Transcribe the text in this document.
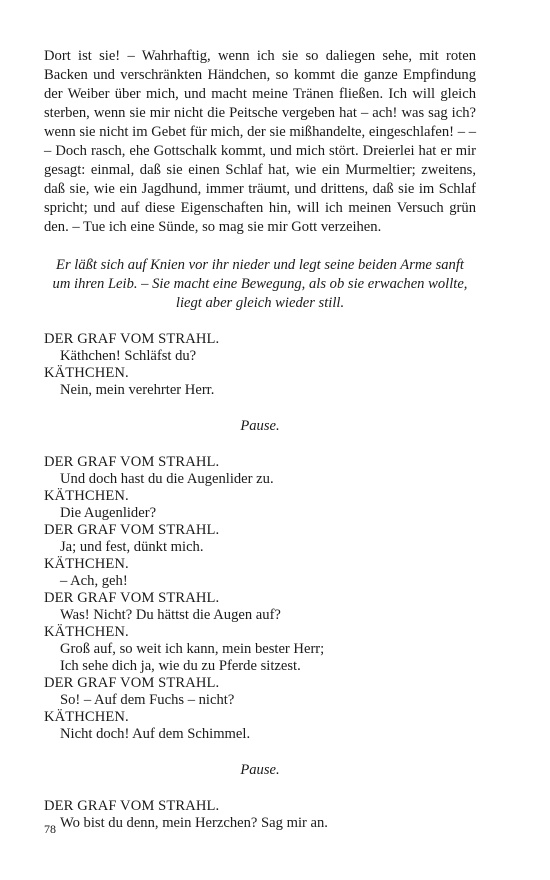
Dort ist sie! – Wahrhaftig, wenn ich sie so daliegen sehe, mit roten Backen und verschränkten Händchen, so kommt die ganze Empfindung der Weiber über mich, und macht meine Tränen fließen. Ich will gleich sterben, wenn sie mir nicht die Peitsche vergeben hat – ach! was sag ich? wenn sie nicht im Gebet für mich, der sie mißhandelte, eingeschlafen! – – – Doch rasch, ehe Gottschalk kommt, und mich stört. Dreierlei hat er mir gesagt: einmal, daß sie einen Schlaf hat, wie ein Murmeltier; zweitens, daß sie, wie ein Jagdhund, immer träumt, und drittens, daß sie im Schlaf spricht; und auf diese Eigenschaften hin, will ich meinen Versuch grün den. – Tue ich eine Sünde, so mag sie mir Gott verzeihen.

Er läßt sich auf Knien vor ihr nieder und legt seine beiden Arme sanft
um ihren Leib. – Sie macht eine Bewegung, als ob sie erwachen wollte,
liegt aber gleich wieder still.
DER GRAF VOM STRAHL.
Käthchen! Schläfst du?
KÄTHCHEN.
Nein, mein verehrter Herr.
Pause.
DER GRAF VOM STRAHL.
Und doch hast du die Augenlider zu.
KÄTHCHEN.
Die Augenlider?
DER GRAF VOM STRAHL.
Ja; und fest, dünkt mich.
KÄTHCHEN.
– Ach, geh!
DER GRAF VOM STRAHL.
Was! Nicht? Du hättst die Augen auf?
KÄTHCHEN.
Groß auf, so weit ich kann, mein bester Herr;
Ich sehe dich ja, wie du zu Pferde sitzest.
DER GRAF VOM STRAHL.
So! – Auf dem Fuchs – nicht?
KÄTHCHEN.
Nicht doch! Auf dem Schimmel.
Pause.
DER GRAF VOM STRAHL.
Wo bist du denn, mein Herzchen? Sag mir an.
78
